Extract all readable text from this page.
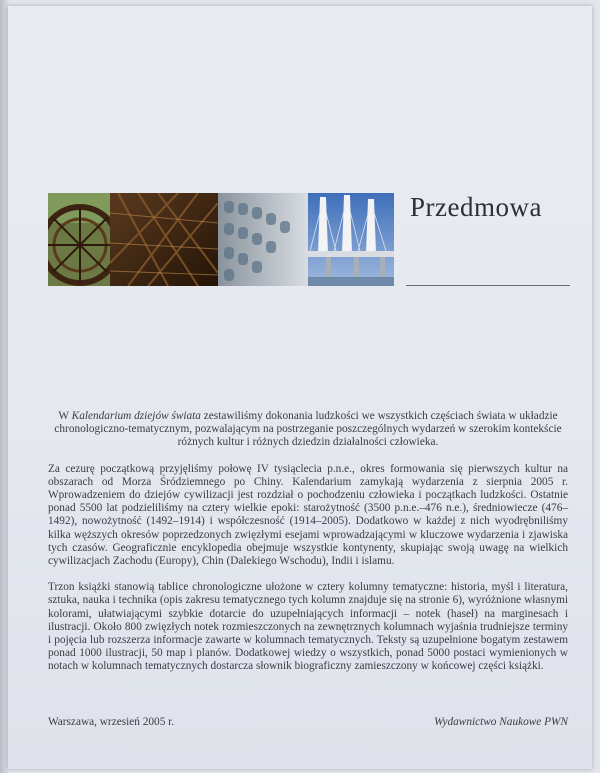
Przedmowa

W Kalendarium dziejów świata zestawiliśmy dokonania ludzkości we wszystkich częściach świata w układzie chronologiczno-tematycznym, pozwalającym na postrzeganie poszczególnych wydarzeń w szerokim kontekście różnych kultur i różnych dziedzin działalności człowieka.

Za cezurę początkową przyjęliśmy połowę IV tysiąclecia p.n.e., okres formowania się pierwszych kultur na obszarach od Morza Śródziemnego po Chiny. Kalendarium zamykają wydarzenia z sierpnia 2005 r. Wprowadzeniem do dziejów cywilizacji jest rozdział o pochodzeniu człowieka i początkach ludzkości. Ostatnie ponad 5500 lat podzieliliśmy na cztery wielkie epoki: starożytność (3500 p.n.e.–476 n.e.), średniowiecze (476–1492), nowożytność (1492–1914) i współczesność (1914–2005). Dodatkowo w każdej z nich wyodrębniliśmy kilka węższych okresów poprzedzonych zwięzłymi esejami wprowadzającymi w kluczowe wydarzenia i zjawiska tych czasów. Geograficznie encyklopedia obejmuje wszystkie kontynenty, skupiając swoją uwagę na wielkich cywilizacjach Zachodu (Europy), Chin (Dalekiego Wschodu), Indii i islamu.

Trzon książki stanowią tablice chronologiczne ułożone w cztery kolumny tematyczne: historia, myśl i literatura, sztuka, nauka i technika (opis zakresu tematycznego tych kolumn znajduje się na stronie 6), wyróżnione własnymi kolorami, ułatwiającymi szybkie dotarcie do uzupełniających informacji – notek (haseł) na marginesach i ilustracji. Około 800 zwięzłych notek rozmieszczonych na zewnętrznych kolumnach wyjaśnia trudniejsze terminy i pojęcia lub rozszerza informacje zawarte w kolumnach tematycznych. Teksty są uzupełnione bogatym zestawem ponad 1000 ilustracji, 50 map i planów. Dodatkowej wiedzy o wszystkich, ponad 5000 postaci wymienionych w notach w kolumnach tematycznych dostarcza słownik biograficzny zamieszczony w końcowej części książki.

Warszawa, wrzesień 2005 r.	Wydawnictwo Naukowe PWN
